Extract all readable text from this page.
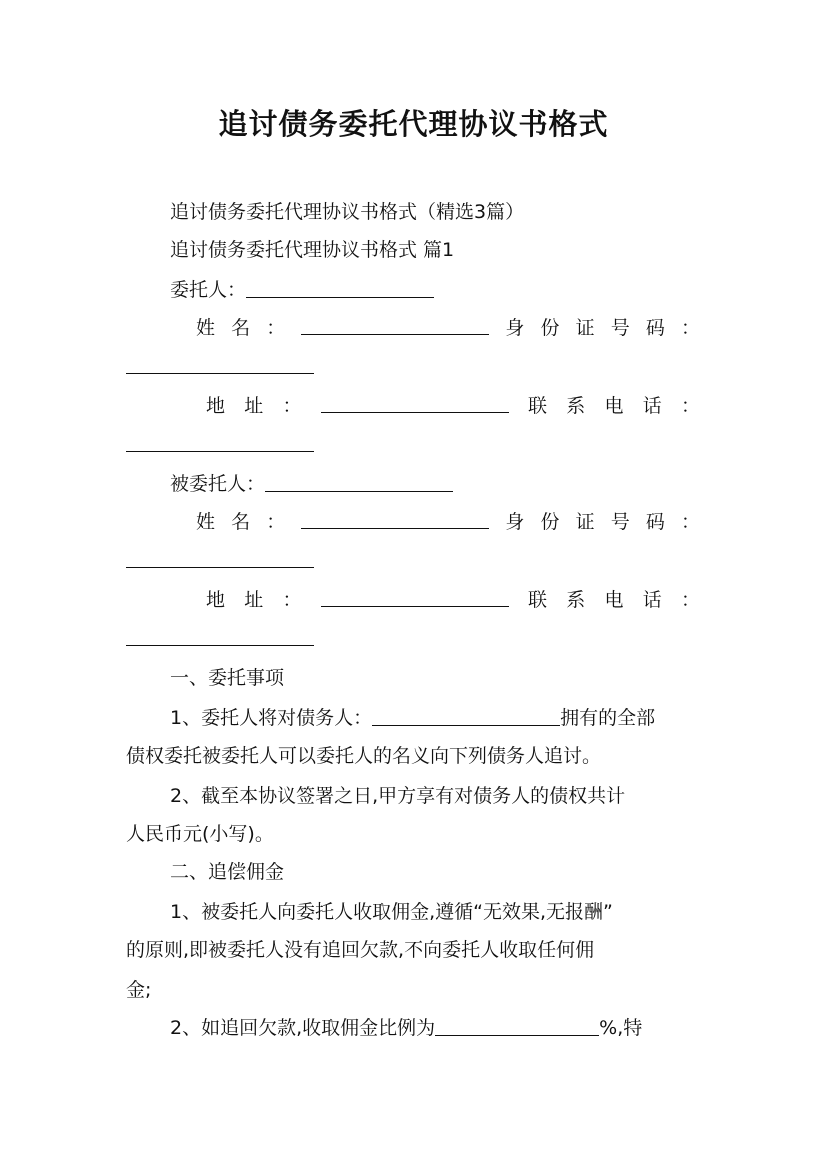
追讨债务委托代理协议书格式
追讨债务委托代理协议书格式（精选3篇）
追讨债务委托代理协议书格式 篇1
委托人：
姓 名 ：	身 份 证 号 码 ：
地 址 ：	联 系 电 话 ：
被委托人：
姓 名 ：	身 份 证 号 码 ：
地 址 ：	联 系 电 话 ：
一、委托事项
1、委托人将对债务人：	拥有的全部
债权委托被委托人可以委托人的名义向下列债务人追讨。
2、截至本协议签署之日,甲方享有对债务人的债权共计
人民币元(小写)。
二、追偿佣金
1、被委托人向委托人收取佣金,遵循“无效果,无报酬”
的原则,即被委托人没有追回欠款,不向委托人收取任何佣
金;
2、如追回欠款,收取佣金比例为	%,特
